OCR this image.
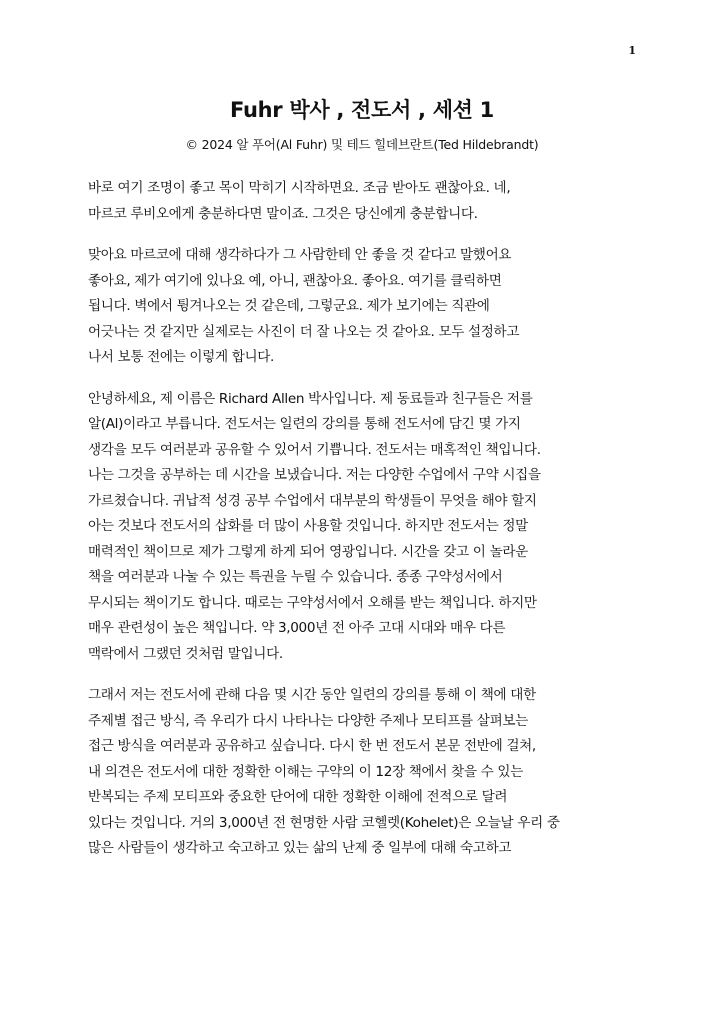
1
Fuhr 박사 , 전도서 , 세션 1
© 2024 알 푸어(Al Fuhr) 및 테드 힐데브란트(Ted Hildebrandt)

바로 여기 조명이 좋고 목이 막히기 시작하면요. 조금 받아도 괜찮아요. 네,
마르코 루비오에게 충분하다면 말이죠. 그것은 당신에게 충분합니다.

맞아요 마르코에 대해 생각하다가 그 사람한테 안 좋을 것 같다고 말했어요
좋아요, 제가 여기에 있나요 예, 아니, 괜찮아요. 좋아요. 여기를 클릭하면
됩니다. 벽에서 튕겨나오는 것 같은데, 그렇군요. 제가 보기에는 직관에
어긋나는 것 같지만 실제로는 사진이 더 잘 나오는 것 같아요. 모두 설정하고
나서 보통 전에는 이렇게 합니다.

안녕하세요, 제 이름은 Richard Allen 박사입니다. 제 동료들과 친구들은 저를
알(Al)이라고 부릅니다. 전도서는 일련의 강의를 통해 전도서에 담긴 몇 가지
생각을 모두 여러분과 공유할 수 있어서 기쁩니다. 전도서는 매혹적인 책입니다.
나는 그것을 공부하는 데 시간을 보냈습니다. 저는 다양한 수업에서 구약 시집을
가르쳤습니다. 귀납적 성경 공부 수업에서 대부분의 학생들이 무엇을 해야 할지
아는 것보다 전도서의 삽화를 더 많이 사용할 것입니다. 하지만 전도서는 정말
매력적인 책이므로 제가 그렇게 하게 되어 영광입니다. 시간을 갖고 이 놀라운
책을 여러분과 나눌 수 있는 특권을 누릴 수 있습니다. 종종 구약성서에서
무시되는 책이기도 합니다. 때로는 구약성서에서 오해를 받는 책입니다. 하지만
매우 관련성이 높은 책입니다. 약 3,000년 전 아주 고대 시대와 매우 다른
맥락에서 그랬던 것처럼 말입니다.

그래서 저는 전도서에 관해 다음 몇 시간 동안 일련의 강의를 통해 이 책에 대한
주제별 접근 방식, 즉 우리가 다시 나타나는 다양한 주제나 모티프를 살펴보는
접근 방식을 여러분과 공유하고 싶습니다. 다시 한 번 전도서 본문 전반에 걸쳐,
내 의견은 전도서에 대한 정확한 이해는 구약의 이 12장 책에서 찾을 수 있는
반복되는 주제 모티프와 중요한 단어에 대한 정확한 이해에 전적으로 달려
있다는 것입니다. 거의 3,000년 전 현명한 사람 코헬렛(Kohelet)은 오늘날 우리 중
많은 사람들이 생각하고 숙고하고 있는 삶의 난제 중 일부에 대해 숙고하고
